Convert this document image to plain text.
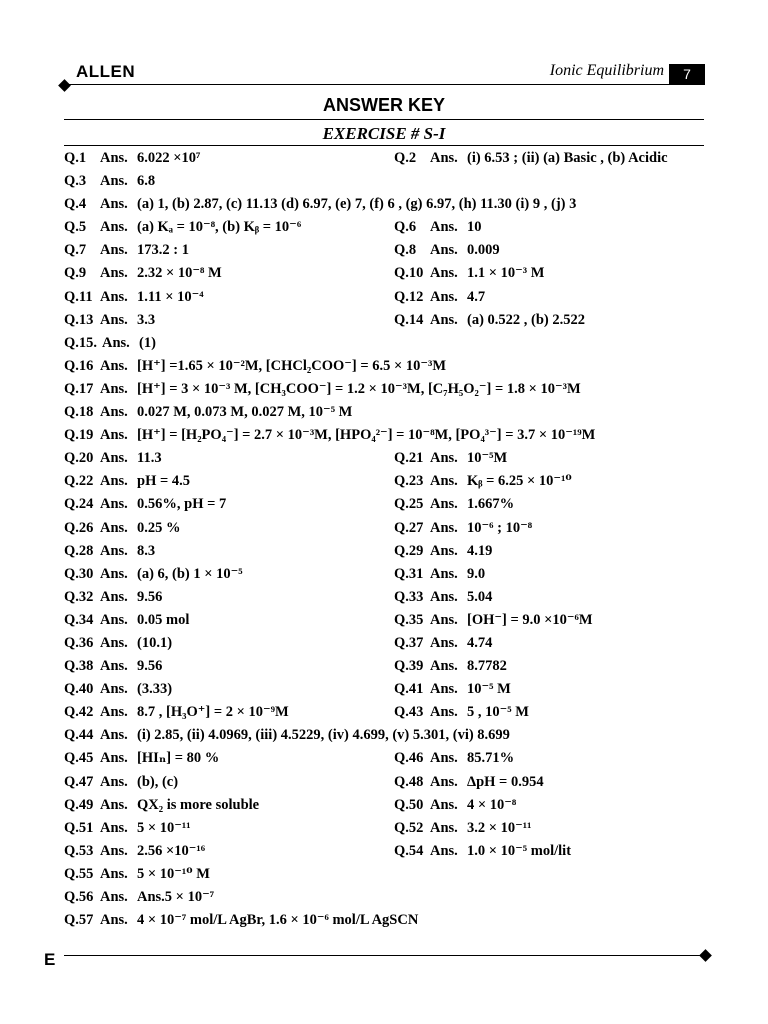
ALLEN	Ionic Equilibrium	7
ANSWER KEY
EXERCISE # S-I
Q.1 Ans. 6.022 ×10⁷	Q.2 Ans. (i) 6.53 ; (ii) (a) Basic , (b) Acidic
Q.3 Ans. 6.8
Q.4 Ans. (a) 1, (b) 2.87, (c) 11.13 (d) 6.97, (e) 7, (f) 6 , (g) 6.97, (h) 11.30 (i) 9 , (j) 3
Q.5 Ans. (a) Kₐ = 10⁻⁸, (b) Kᵦ = 10⁻⁶	Q.6 Ans. 10
Q.7 Ans. 173.2 : 1	Q.8 Ans. 0.009
Q.9 Ans. 2.32 × 10⁻⁸ M	Q.10 Ans. 1.1 × 10⁻³ M
Q.11 Ans. 1.11 × 10⁻⁴	Q.12 Ans. 4.7
Q.13 Ans. 3.3	Q.14 Ans. (a) 0.522 , (b) 2.522
Q.15. Ans. (1)
Q.16 Ans. [H⁺] =1.65 × 10⁻²M, [CHCl₂COO⁻] = 6.5 × 10⁻³M
Q.17 Ans. [H⁺] = 3 × 10⁻³ M, [CH₃COO⁻] = 1.2 × 10⁻³M, [C₇H₅O₂⁻] = 1.8 × 10⁻³M
Q.18 Ans. 0.027 M, 0.073 M, 0.027 M, 10⁻⁵ M
Q.19 Ans. [H⁺] = [H₂PO₄⁻] = 2.7 × 10⁻³M, [HPO₄²⁻] = 10⁻⁸M, [PO₄³⁻] = 3.7 × 10⁻¹⁹M
Q.20 Ans. 11.3	Q.21 Ans. 10⁻⁵M
Q.22 Ans. pH = 4.5	Q.23 Ans. Kᵦ = 6.25 × 10⁻¹⁰
Q.24 Ans. 0.56%, pH = 7	Q.25 Ans. 1.667%
Q.26 Ans. 0.25 %	Q.27 Ans. 10⁻⁶ ; 10⁻⁸
Q.28 Ans. 8.3	Q.29 Ans. 4.19
Q.30 Ans. (a) 6, (b) 1 × 10⁻⁵	Q.31 Ans. 9.0
Q.32 Ans. 9.56	Q.33 Ans. 5.04
Q.34 Ans. 0.05 mol	Q.35 Ans. [OH⁻] = 9.0 ×10⁻⁶M
Q.36 Ans. (10.1)	Q.37 Ans. 4.74
Q.38 Ans. 9.56	Q.39 Ans. 8.7782
Q.40 Ans. (3.33)	Q.41 Ans. 10⁻⁵ M
Q.42 Ans. 8.7 , [H₃O⁺] = 2 × 10⁻⁹M	Q.43 Ans. 5 , 10⁻⁵ M
Q.44 Ans. (i) 2.85, (ii) 4.0969, (iii) 4.5229, (iv) 4.699, (v) 5.301, (vi) 8.699
Q.45 Ans. [HIₙ] = 80 %	Q.46 Ans. 85.71%
Q.47 Ans. (b), (c)	Q.48 Ans. ΔpH = 0.954
Q.49 Ans. QX₂ is more soluble	Q.50 Ans. 4 × 10⁻⁸
Q.51 Ans. 5 × 10⁻¹¹	Q.52 Ans. 3.2 × 10⁻¹¹
Q.53 Ans. 2.56 ×10⁻¹⁶	Q.54 Ans. 1.0 × 10⁻⁵ mol/lit
Q.55 Ans. 5 × 10⁻¹⁰ M
Q.56 Ans. Ans.5 × 10⁻⁷
Q.57 Ans. 4 × 10⁻⁷ mol/L AgBr, 1.6 × 10⁻⁶ mol/L AgSCN
E
